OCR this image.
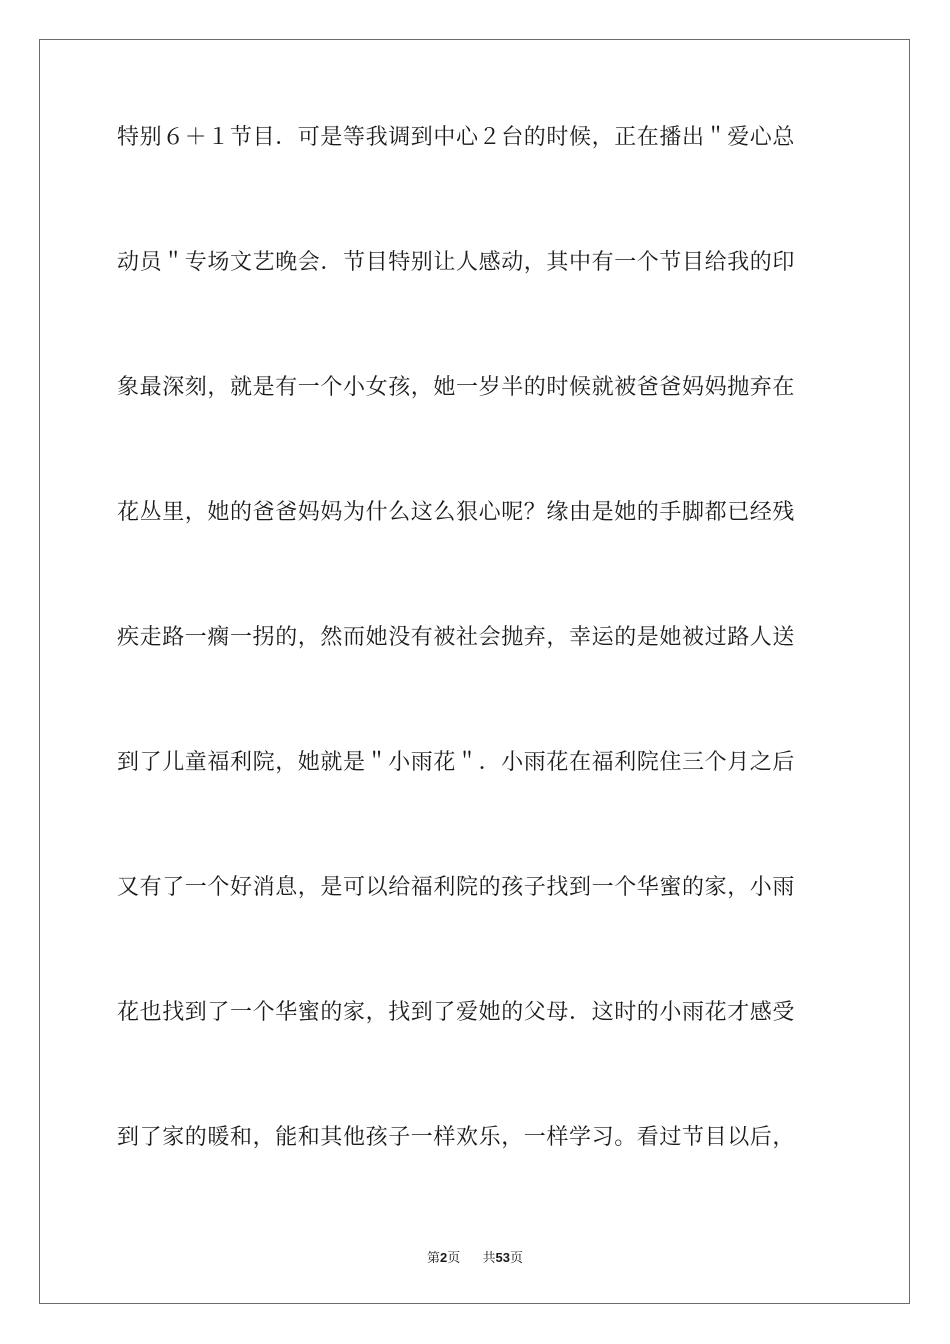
特别６＋１节目．可是等我调到中心２台的时候，正在播出＂爱心总
动员＂专场文艺晚会．节目特别让人感动，其中有一个节目给我的印
象最深刻，就是有一个小女孩，她一岁半的时候就被爸爸妈妈抛弃在
花丛里，她的爸爸妈妈为什么这么狠心呢？缘由是她的手脚都已经残
疾走路一瘸一拐的，然而她没有被社会抛弃，幸运的是她被过路人送
到了儿童福利院，她就是＂小雨花＂．小雨花在福利院住三个月之后
又有了一个好消息，是可以给福利院的孩子找到一个华蜜的家，小雨
花也找到了一个华蜜的家，找到了爱她的父母．这时的小雨花才感受
到了家的暖和，能和其他孩子一样欢乐，一样学习。看过节目以后，
第2页 共53页
